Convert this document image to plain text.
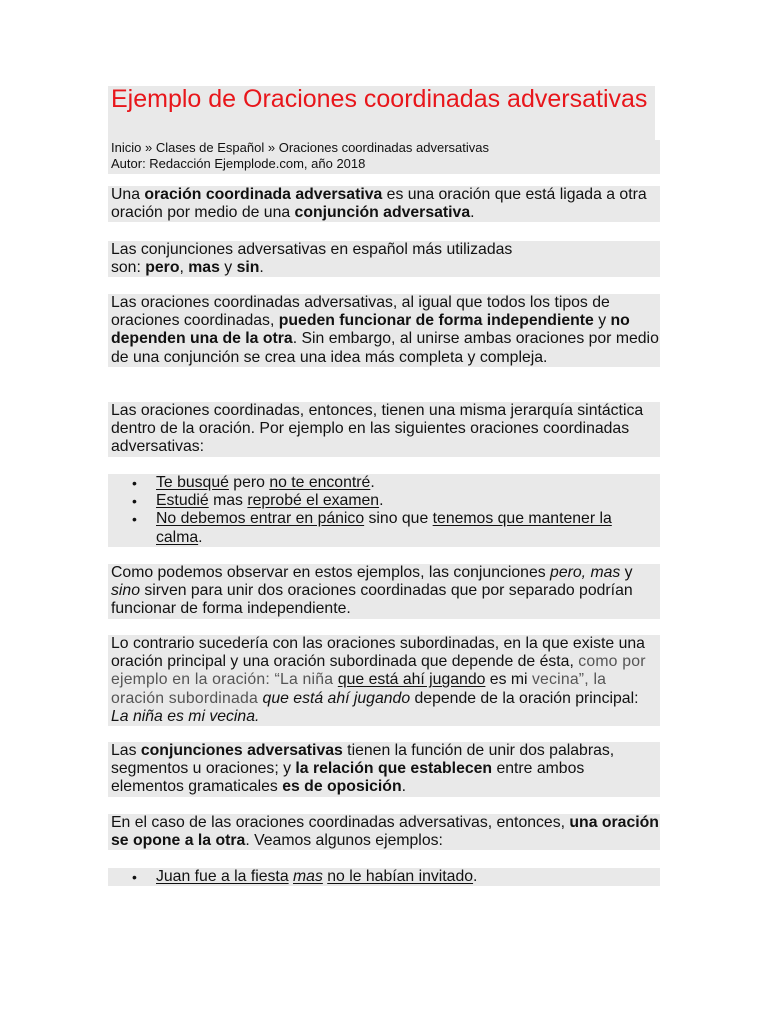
Ejemplo de Oraciones coordinadas adversativas
Inicio » Clases de Español » Oraciones coordinadas adversativas
Autor: Redacción Ejemplode.com, año 2018

Una oración coordinada adversativa es una oración que está ligada a otra oración por medio de una conjunción adversativa.

Las conjunciones adversativas en español más utilizadas son: pero, mas y sin.

Las oraciones coordinadas adversativas, al igual que todos los tipos de oraciones coordinadas, pueden funcionar de forma independiente y no dependen una de la otra. Sin embargo, al unirse ambas oraciones por medio de una conjunción se crea una idea más completa y compleja.

Las oraciones coordinadas, entonces, tienen una misma jerarquía sintáctica dentro de la oración. Por ejemplo en las siguientes oraciones coordinadas adversativas:

• Te busqué pero no te encontré.
• Estudié mas reprobé el examen.
• No debemos entrar en pánico sino que tenemos que mantener la calma.

Como podemos observar en estos ejemplos, las conjunciones pero, mas y sino sirven para unir dos oraciones coordinadas que por separado podrían funcionar de forma independiente.

Lo contrario sucedería con las oraciones subordinadas, en la que existe una oración principal y una oración subordinada que depende de ésta, como por ejemplo en la oración: “La niña que está ahí jugando es mi vecina”, la oración subordinada que está ahí jugando depende de la oración principal: La niña es mi vecina.

Las conjunciones adversativas tienen la función de unir dos palabras, segmentos u oraciones; y la relación que establecen entre ambos elementos gramaticales es de oposición.

En el caso de las oraciones coordinadas adversativas, entonces, una oración se opone a la otra. Veamos algunos ejemplos:

• Juan fue a la fiesta mas no le habían invitado.
